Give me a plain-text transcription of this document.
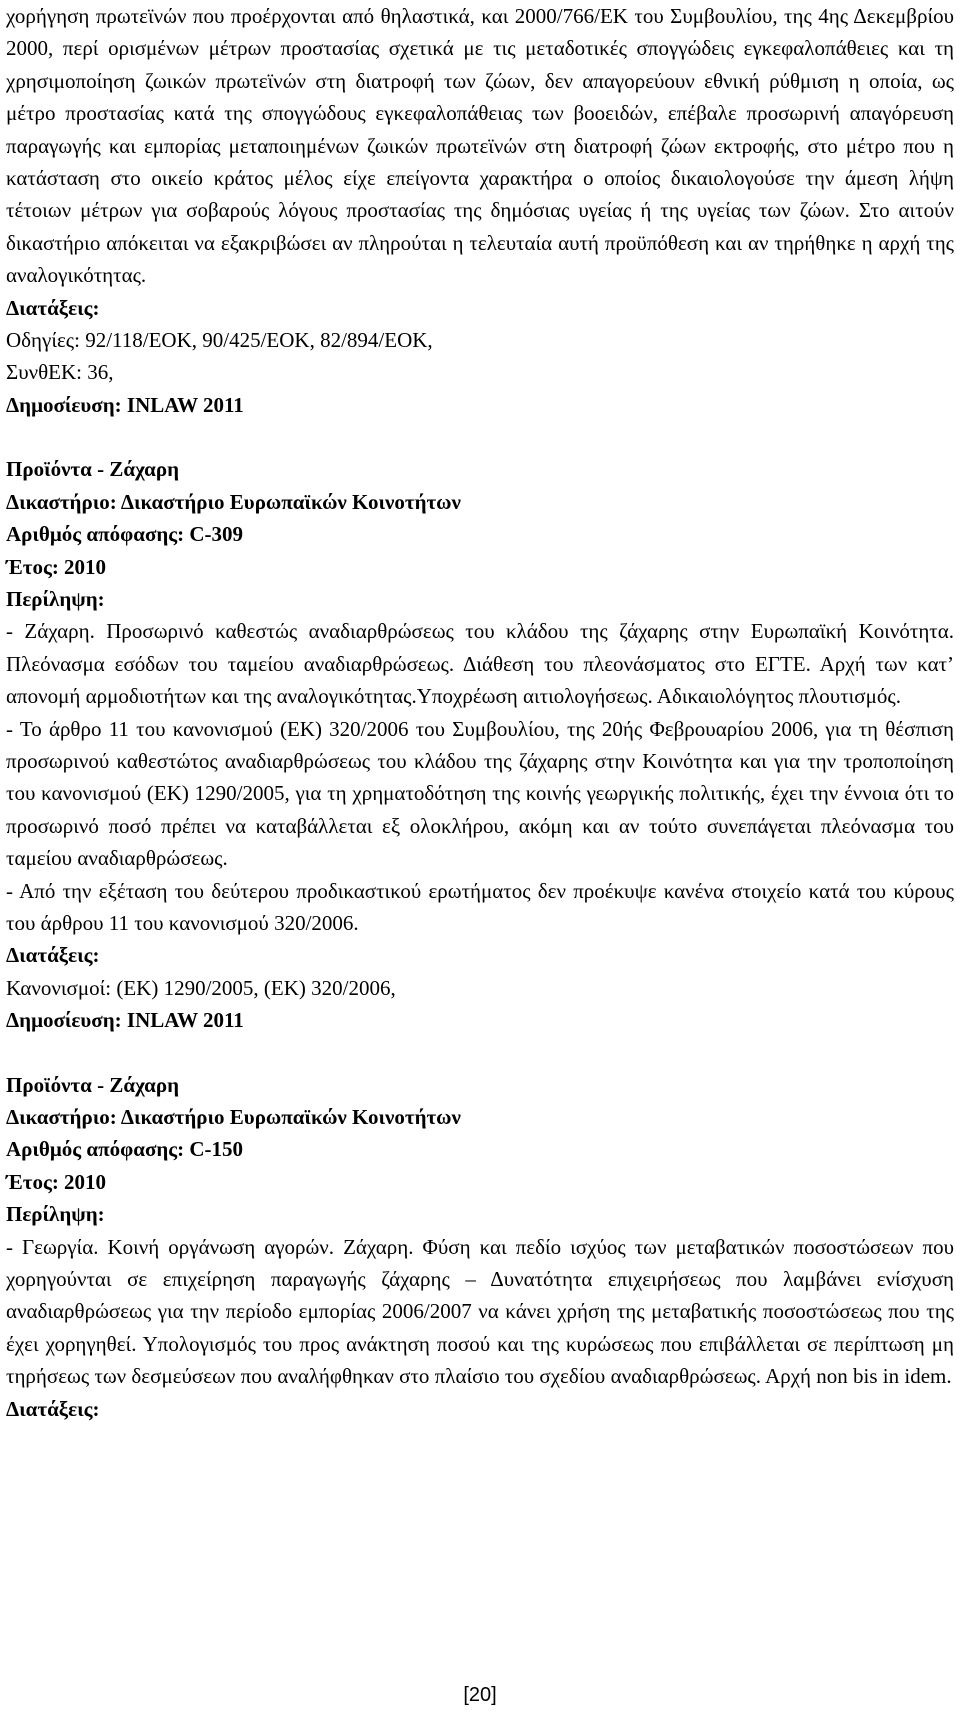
χορήγηση πρωτεϊνών που προέρχονται από θηλαστικά, και 2000/766/ΕΚ του Συμβουλίου, της 4ης Δεκεμβρίου 2000, περί ορισμένων μέτρων προστασίας σχετικά με τις μεταδοτικές σπογγώδεις εγκεφαλοπάθειες και τη χρησιμοποίηση ζωικών πρωτεϊνών στη διατροφή των ζώων, δεν απαγορεύουν εθνική ρύθμιση η οποία, ως μέτρο προστασίας κατά της σπογγώδους εγκεφαλοπάθειας των βοοειδών, επέβαλε προσωρινή απαγόρευση παραγωγής και εμπορίας μεταποιημένων ζωικών πρωτεϊνών στη διατροφή ζώων εκτροφής, στο μέτρο που η κατάσταση στο οικείο κράτος μέλος είχε επείγοντα χαρακτήρα ο οποίος δικαιολογούσε την άμεση λήψη τέτοιων μέτρων για σοβαρούς λόγους προστασίας της δημόσιας υγείας ή της υγείας των ζώων. Στο αιτούν δικαστήριο απόκειται να εξακριβώσει αν πληρούται η τελευταία αυτή προϋπόθεση και αν τηρήθηκε η αρχή της αναλογικότητας.

Διατάξεις:

Οδηγίες: 92/118/ΕΟΚ, 90/425/ΕΟΚ, 82/894/ΕΟΚ,

ΣυνθΕΚ: 36,

Δημοσίευση: INLAW 2011

Προϊόντα - Ζάχαρη

Δικαστήριο: Δικαστήριο Ευρωπαϊκών Κοινοτήτων

Αριθμός απόφασης: C-309

Έτος: 2010

Περίληψη:

- Ζάχαρη. Προσωρινό καθεστώς αναδιαρθρώσεως του κλάδου της ζάχαρης στην Ευρωπαϊκή Κοινότητα. Πλεόνασμα εσόδων του ταμείου αναδιαρθρώσεως. Διάθεση του πλεονάσματος στο ΕΓΤΕ. Αρχή των κατ’ απονομή αρμοδιοτήτων και της αναλογικότητας.Υποχρέωση αιτιολογήσεως. Αδικαιολόγητος πλουτισμός.

- Το άρθρο 11 του κανονισμού (ΕΚ) 320/2006 του Συμβουλίου, της 20ής Φεβρουαρίου 2006, για τη θέσπιση προσωρινού καθεστώτος αναδιαρθρώσεως του κλάδου της ζάχαρης στην Κοινότητα και για την τροποποίηση του κανονισμού (ΕΚ) 1290/2005, για τη χρηματοδότηση της κοινής γεωργικής πολιτικής, έχει την έννοια ότι το προσωρινό ποσό πρέπει να καταβάλλεται εξ ολοκλήρου, ακόμη και αν τούτο συνεπάγεται πλεόνασμα του ταμείου αναδιαρθρώσεως.

- Από την εξέταση του δεύτερου προδικαστικού ερωτήματος δεν προέκυψε κανένα στοιχείο κατά του κύρους του άρθρου 11 του κανονισμού 320/2006.

Διατάξεις:

Κανονισμοί: (ΕΚ) 1290/2005, (ΕΚ) 320/2006,

Δημοσίευση: INLAW 2011

Προϊόντα - Ζάχαρη

Δικαστήριο: Δικαστήριο Ευρωπαϊκών Κοινοτήτων

Αριθμός απόφασης: C-150

Έτος: 2010

Περίληψη:

- Γεωργία. Κοινή οργάνωση αγορών. Ζάχαρη. Φύση και πεδίο ισχύος των μεταβατικών ποσοστώσεων που χορηγούνται σε επιχείρηση παραγωγής ζάχαρης – Δυνατότητα επιχειρήσεως που λαμβάνει ενίσχυση αναδιαρθρώσεως για την περίοδο εμπορίας 2006/2007 να κάνει χρήση της μεταβατικής ποσοστώσεως που της έχει χορηγηθεί. Υπολογισμός του προς ανάκτηση ποσού και της κυρώσεως που επιβάλλεται σε περίπτωση μη τηρήσεως των δεσμεύσεων που αναλήφθηκαν στο πλαίσιο του σχεδίου αναδιαρθρώσεως. Αρχή non bis in idem.

Διατάξεις:

[20]
